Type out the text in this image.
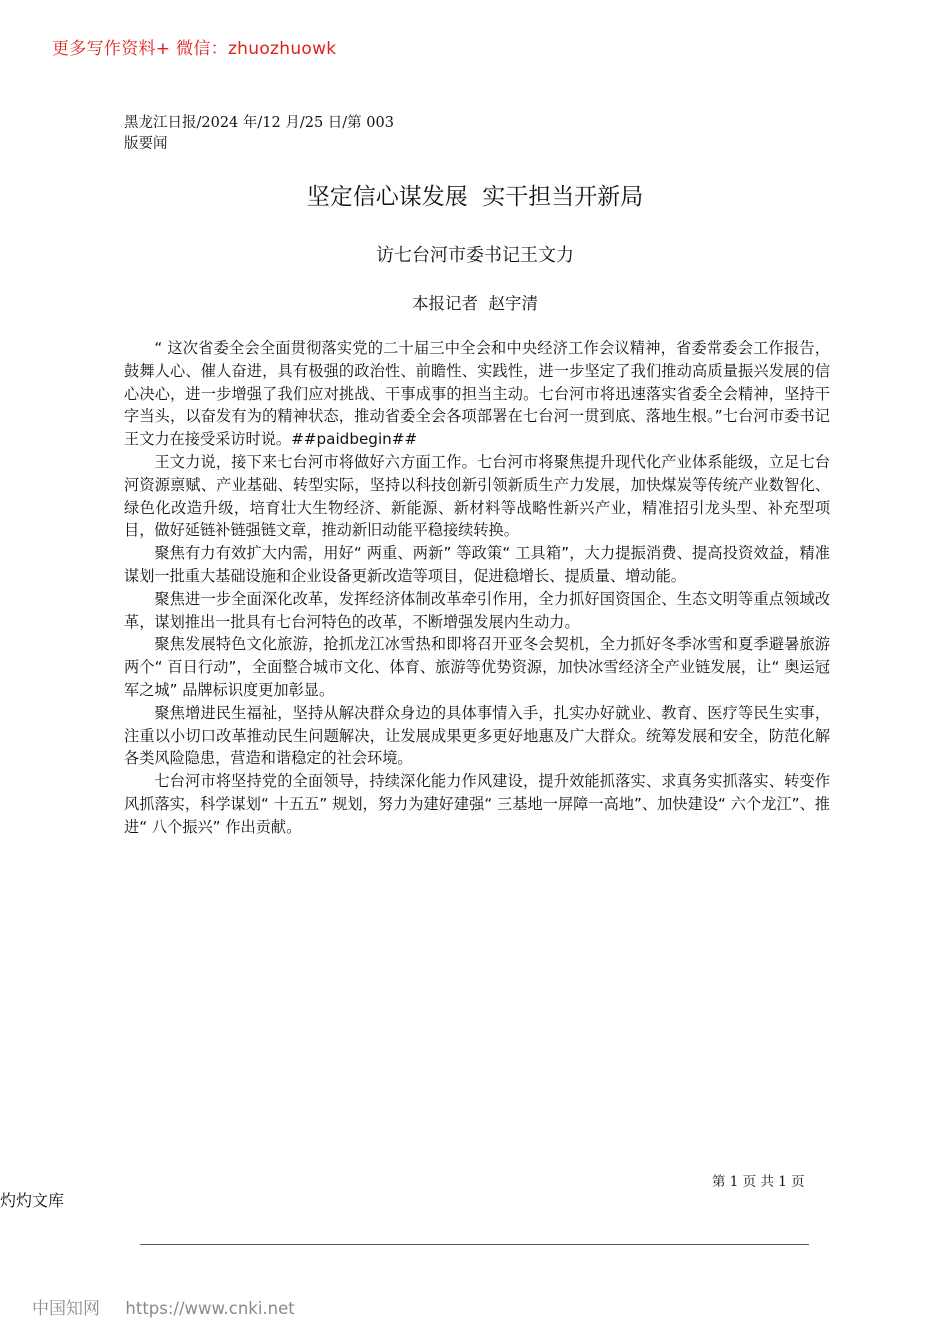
更多写作资料+ 微信：zhuozhuowk
黑龙江日报/2024 年/12 月/25 日/第 003
版要闻
坚定信心谋发展  实干担当开新局
访七台河市委书记王文力
本报记者  赵宇清

“ 这次省委全会全面贯彻落实党的二十届三中全会和中央经济工作会议精神，省委常委会工作报告，鼓舞人心、催人奋进，具有极强的政治性、前瞻性、实践性，进一步坚定了我们推动高质量振兴发展的信心决心，进一步增强了我们应对挑战、干事成事的担当主动。七台河市将迅速落实省委全会精神，坚持干字当头，以奋发有为的精神状态，推动省委全会各项部署在七台河一贯到底、落地生根。”七台河市委书记王文力在接受采访时说。##paidbegin##

王文力说，接下来七台河市将做好六方面工作。七台河市将聚焦提升现代化产业体系能级，立足七台河资源禀赋、产业基础、转型实际，坚持以科技创新引领新质生产力发展，加快煤炭等传统产业数智化、绿色化改造升级，培育壮大生物经济、新能源、新材料等战略性新兴产业，精准招引龙头型、补充型项目，做好延链补链强链文章，推动新旧动能平稳接续转换。

聚焦有力有效扩大内需，用好“ 两重、两新” 等政策“ 工具箱”，大力提振消费、提高投资效益，精准谋划一批重大基础设施和企业设备更新改造等项目，促进稳增长、提质量、增动能。

聚焦进一步全面深化改革，发挥经济体制改革牵引作用，全力抓好国资国企、生态文明等重点领域改革，谋划推出一批具有七台河特色的改革，不断增强发展内生动力。

聚焦发展特色文化旅游，抢抓龙江冰雪热和即将召开亚冬会契机，全力抓好冬季冰雪和夏季避暑旅游两个“ 百日行动”，全面整合城市文化、体育、旅游等优势资源，加快冰雪经济全产业链发展，让“ 奥运冠军之城” 品牌标识度更加彰显。

聚焦增进民生福祉，坚持从解决群众身边的具体事情入手，扎实办好就业、教育、医疗等民生实事，注重以小切口改革推动民生问题解决，让发展成果更多更好地惠及广大群众。统筹发展和安全，防范化解各类风险隐患，营造和谐稳定的社会环境。

七台河市将坚持党的全面领导，持续深化能力作风建设，提升效能抓落实、求真务实抓落实、转变作风抓落实，科学谋划“ 十五五” 规划，努力为建好建强“ 三基地一屏障一高地”、加快建设“ 六个龙江”、推进“ 八个振兴” 作出贡献。

第 1 页 共 1 页
灼灼文库
中国知网 https://www.cnki.net
